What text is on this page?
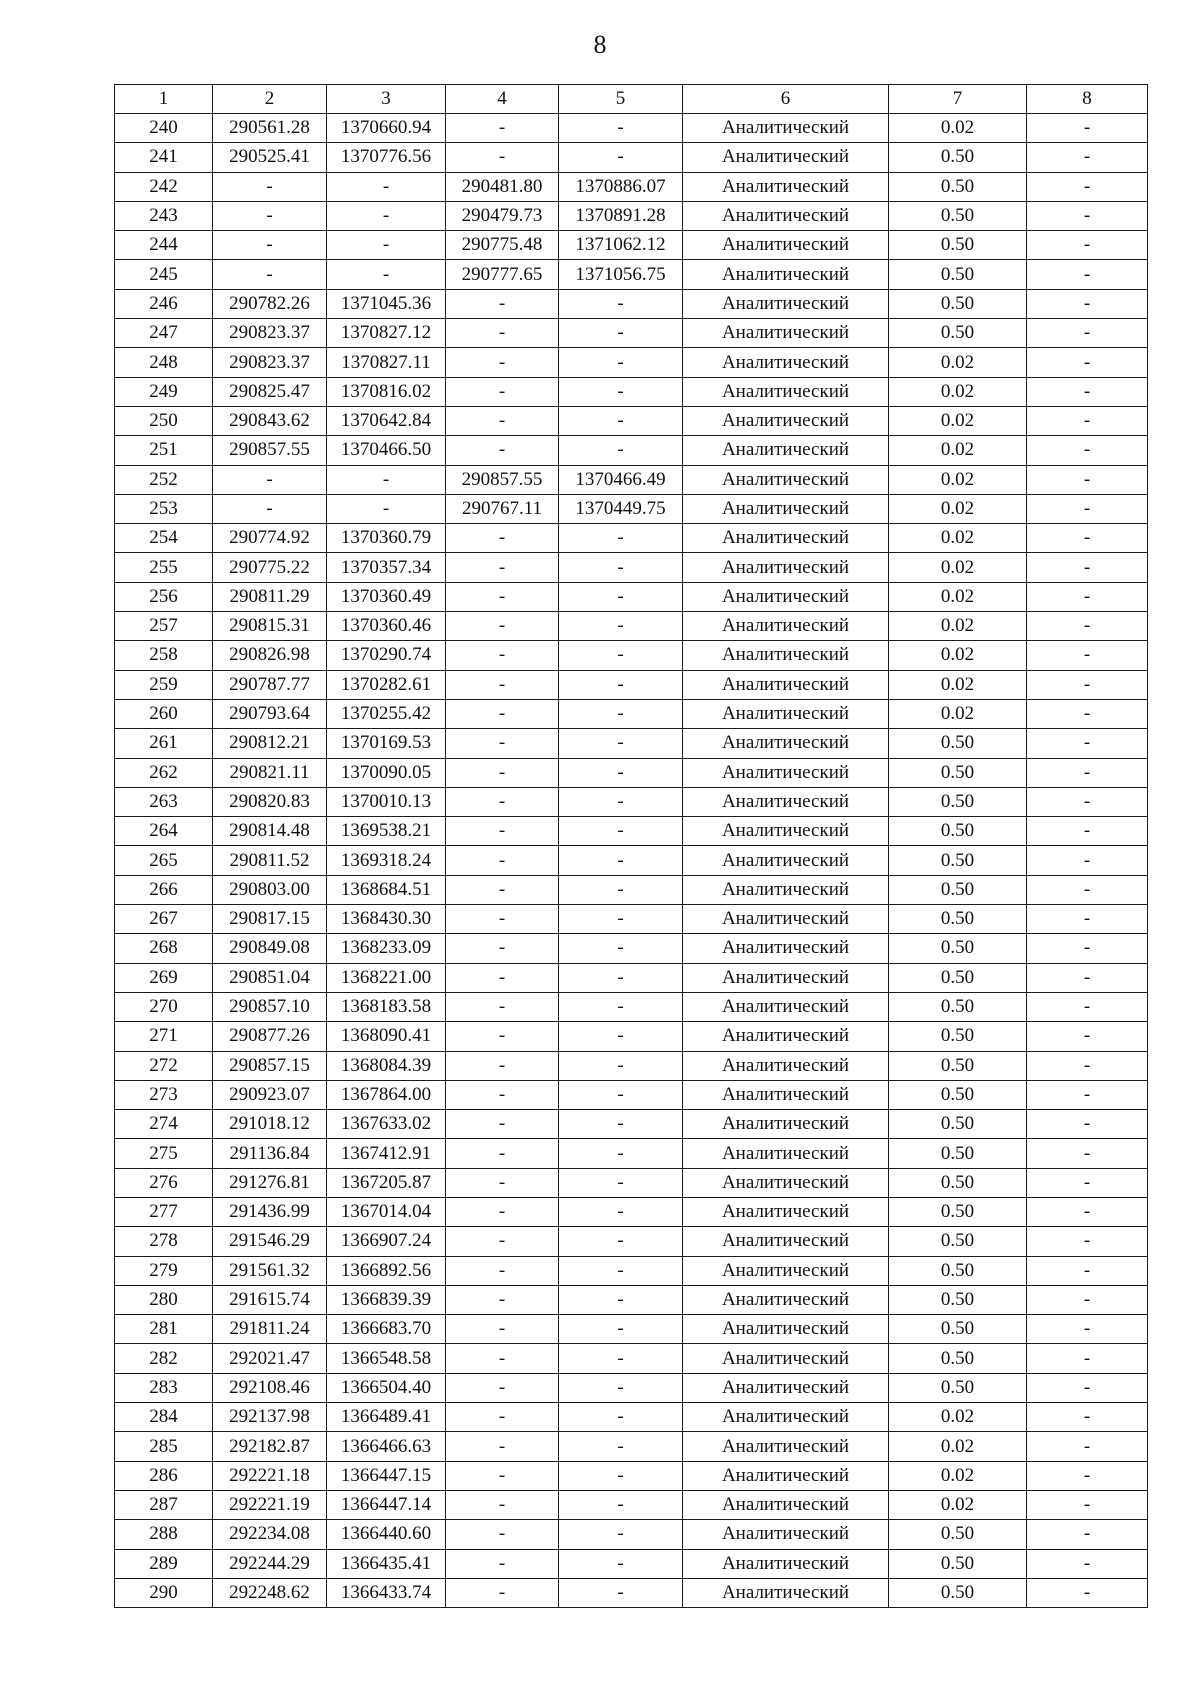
8
1	2	3	4	5	6	7	8
240	290561.28	1370660.94	-	-	Аналитический	0.02	-
241	290525.41	1370776.56	-	-	Аналитический	0.50	-
242	-	-	290481.80	1370886.07	Аналитический	0.50	-
243	-	-	290479.73	1370891.28	Аналитический	0.50	-
244	-	-	290775.48	1371062.12	Аналитический	0.50	-
245	-	-	290777.65	1371056.75	Аналитический	0.50	-
246	290782.26	1371045.36	-	-	Аналитический	0.50	-
247	290823.37	1370827.12	-	-	Аналитический	0.50	-
248	290823.37	1370827.11	-	-	Аналитический	0.02	-
249	290825.47	1370816.02	-	-	Аналитический	0.02	-
250	290843.62	1370642.84	-	-	Аналитический	0.02	-
251	290857.55	1370466.50	-	-	Аналитический	0.02	-
252	-	-	290857.55	1370466.49	Аналитический	0.02	-
253	-	-	290767.11	1370449.75	Аналитический	0.02	-
254	290774.92	1370360.79	-	-	Аналитический	0.02	-
255	290775.22	1370357.34	-	-	Аналитический	0.02	-
256	290811.29	1370360.49	-	-	Аналитический	0.02	-
257	290815.31	1370360.46	-	-	Аналитический	0.02	-
258	290826.98	1370290.74	-	-	Аналитический	0.02	-
259	290787.77	1370282.61	-	-	Аналитический	0.02	-
260	290793.64	1370255.42	-	-	Аналитический	0.02	-
261	290812.21	1370169.53	-	-	Аналитический	0.50	-
262	290821.11	1370090.05	-	-	Аналитический	0.50	-
263	290820.83	1370010.13	-	-	Аналитический	0.50	-
264	290814.48	1369538.21	-	-	Аналитический	0.50	-
265	290811.52	1369318.24	-	-	Аналитический	0.50	-
266	290803.00	1368684.51	-	-	Аналитический	0.50	-
267	290817.15	1368430.30	-	-	Аналитический	0.50	-
268	290849.08	1368233.09	-	-	Аналитический	0.50	-
269	290851.04	1368221.00	-	-	Аналитический	0.50	-
270	290857.10	1368183.58	-	-	Аналитический	0.50	-
271	290877.26	1368090.41	-	-	Аналитический	0.50	-
272	290857.15	1368084.39	-	-	Аналитический	0.50	-
273	290923.07	1367864.00	-	-	Аналитический	0.50	-
274	291018.12	1367633.02	-	-	Аналитический	0.50	-
275	291136.84	1367412.91	-	-	Аналитический	0.50	-
276	291276.81	1367205.87	-	-	Аналитический	0.50	-
277	291436.99	1367014.04	-	-	Аналитический	0.50	-
278	291546.29	1366907.24	-	-	Аналитический	0.50	-
279	291561.32	1366892.56	-	-	Аналитический	0.50	-
280	291615.74	1366839.39	-	-	Аналитический	0.50	-
281	291811.24	1366683.70	-	-	Аналитический	0.50	-
282	292021.47	1366548.58	-	-	Аналитический	0.50	-
283	292108.46	1366504.40	-	-	Аналитический	0.50	-
284	292137.98	1366489.41	-	-	Аналитический	0.02	-
285	292182.87	1366466.63	-	-	Аналитический	0.02	-
286	292221.18	1366447.15	-	-	Аналитический	0.02	-
287	292221.19	1366447.14	-	-	Аналитический	0.02	-
288	292234.08	1366440.60	-	-	Аналитический	0.50	-
289	292244.29	1366435.41	-	-	Аналитический	0.50	-
290	292248.62	1366433.74	-	-	Аналитический	0.50	-
